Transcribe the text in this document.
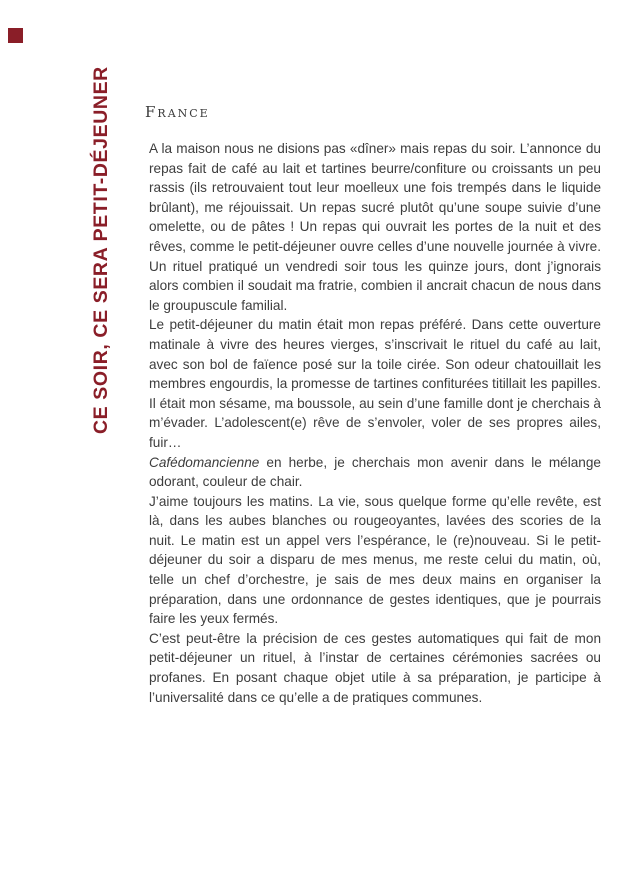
CE SOIR, CE SERA PETIT-DÉJEUNER France

A la maison nous ne disions pas «dîner» mais repas du soir. L’annonce du repas fait de café au lait et tartines beurre/confiture ou croissants un peu rassis (ils retrouvaient tout leur moelleux une fois trempés dans le liquide brûlant), me réjouissait. Un repas sucré plutôt qu’une soupe suivie d’une omelette, ou de pâtes ! Un repas qui ouvrait les portes de la nuit et des rêves, comme le petit-déjeuner ouvre celles d’une nouvelle journée à vivre. Un rituel pratiqué un vendredi soir tous les quinze jours, dont j’ignorais alors combien il soudait ma fratrie, combien il ancrait chacun de nous dans le groupuscule familial.

Le petit-déjeuner du matin était mon repas préféré. Dans cette ouverture matinale à vivre des heures vierges, s’inscrivait le rituel du café au lait, avec son bol de faïence posé sur la toile cirée. Son odeur chatouillait les membres engourdis, la promesse de tartines confiturées titillait les papilles. Il était mon sésame, ma boussole, au sein d’une famille dont je cherchais à m’évader. L’adolescent(e) rêve de s’envoler, voler de ses propres ailes, fuir…

Cafédomancienne en herbe, je cherchais mon avenir dans le mélange odorant, couleur de chair.

J’aime toujours les matins. La vie, sous quelque forme qu’elle revête, est là, dans les aubes blanches ou rougeoyantes, lavées des scories de la nuit. Le matin est un appel vers l’espérance, le (re)nouveau. Si le petit-déjeuner du soir a disparu de mes menus, me reste celui du matin, où, telle un chef d’orchestre, je sais de mes deux mains en organiser la préparation, dans une ordonnance de gestes identiques, que je pourrais faire les yeux fermés.

C’est peut-être la précision de ces gestes automatiques qui fait de mon petit-déjeuner un rituel, à l’instar de certaines cérémonies sacrées ou profanes. En posant chaque objet utile à sa préparation, je participe à l’universalité dans ce qu’elle a de pratiques communes.
